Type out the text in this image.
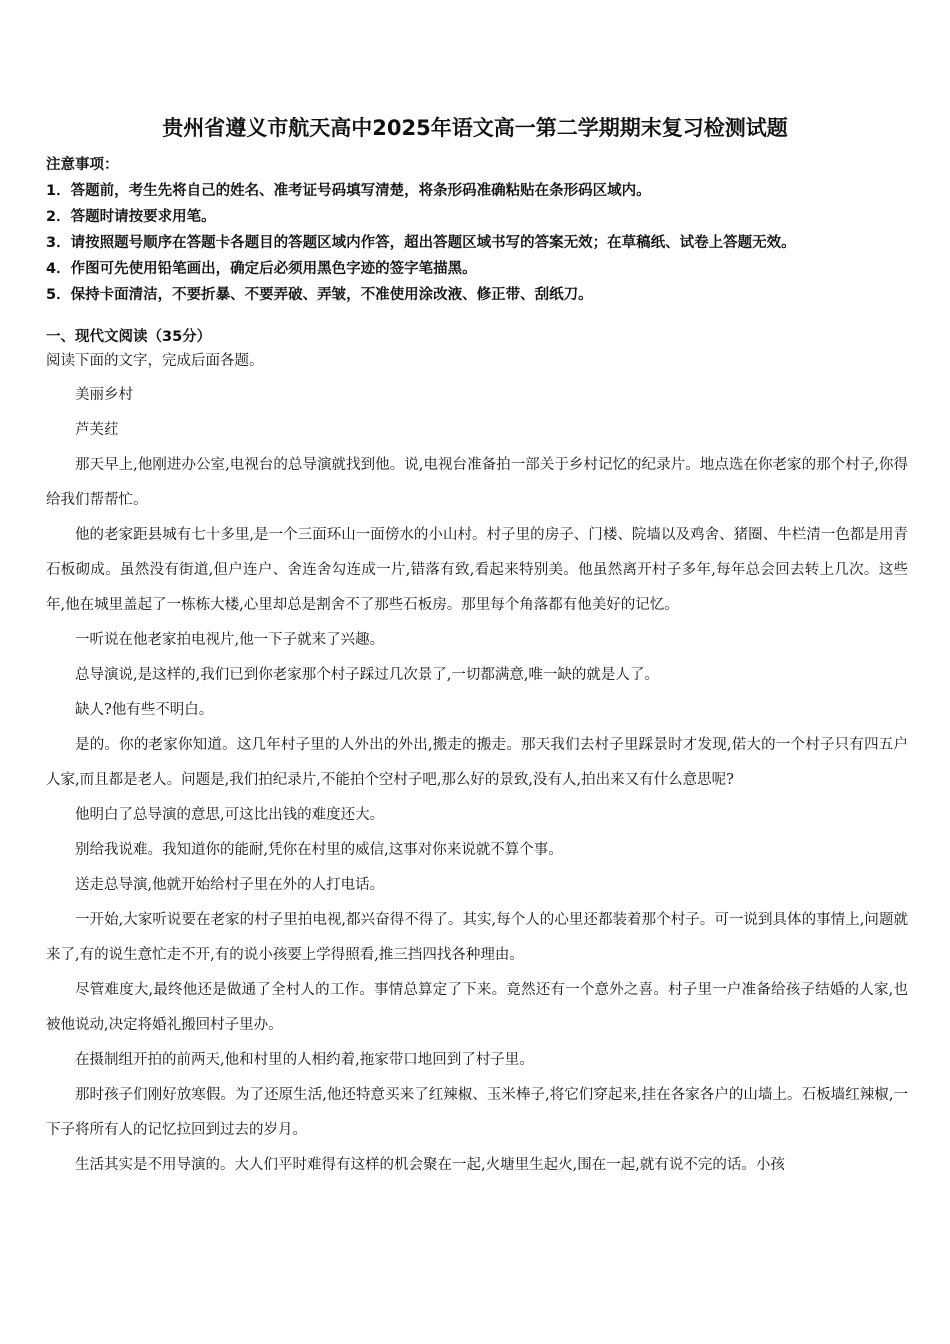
贵州省遵义市航天高中2025年语文高一第二学期期末复习检测试题
注意事项：
1．答题前，考生先将自己的姓名、准考证号码填写清楚，将条形码准确粘贴在条形码区域内。
2．答题时请按要求用笔。
3．请按照题号顺序在答题卡各题目的答题区域内作答，超出答题区域书写的答案无效；在草稿纸、试卷上答题无效。
4．作图可先使用铅笔画出，确定后必须用黑色字迹的签字笔描黑。
5．保持卡面清洁，不要折暴、不要弄破、弄皱，不准使用涂改液、修正带、刮纸刀。
一、现代文阅读（35分）
阅读下面的文字，完成后面各题。

美丽乡村

芦芙荭

那天早上,他刚进办公室,电视台的总导演就找到他。说,电视台准备拍一部关于乡村记忆的纪录片。地点选在你老家的那个村子,你得给我们帮帮忙。

他的老家距县城有七十多里,是一个三面环山一面傍水的小山村。村子里的房子、门楼、院墙以及鸡舍、猪圈、牛栏清一色都是用青石板砌成。虽然没有街道,但户连户、舍连舍勾连成一片,错落有致,看起来特别美。他虽然离开村子多年,每年总会回去转上几次。这些年,他在城里盖起了一栋栋大楼,心里却总是割舍不了那些石板房。那里每个角落都有他美好的记忆。

一听说在他老家拍电视片,他一下子就来了兴趣。

总导演说,是这样的,我们已到你老家那个村子踩过几次景了,一切都满意,唯一缺的就是人了。

缺人?他有些不明白。

是的。你的老家你知道。这几年村子里的人外出的外出,搬走的搬走。那天我们去村子里踩景时才发现,偌大的一个村子只有四五户人家,而且都是老人。问题是,我们拍纪录片,不能拍个空村子吧,那么好的景致,没有人,拍出来又有什么意思呢?

他明白了总导演的意思,可这比出钱的难度还大。

别给我说难。我知道你的能耐,凭你在村里的威信,这事对你来说就不算个事。

送走总导演,他就开始给村子里在外的人打电话。

一开始,大家听说要在老家的村子里拍电视,都兴奋得不得了。其实,每个人的心里还都装着那个村子。可一说到具体的事情上,问题就来了,有的说生意忙走不开,有的说小孩要上学得照看,推三挡四找各种理由。

尽管难度大,最终他还是做通了全村人的工作。事情总算定了下来。竟然还有一个意外之喜。村子里一户准备给孩子结婚的人家,也被他说动,决定将婚礼搬回村子里办。

在摄制组开拍的前两天,他和村里的人相约着,拖家带口地回到了村子里。

那时孩子们刚好放寒假。为了还原生活,他还特意买来了红辣椒、玉米棒子,将它们穿起来,挂在各家各户的山墙上。石板墙红辣椒,一下子将所有人的记忆拉回到过去的岁月。

生活其实是不用导演的。大人们平时难得有这样的机会聚在一起,火塘里生起火,围在一起,就有说不完的话。小孩
